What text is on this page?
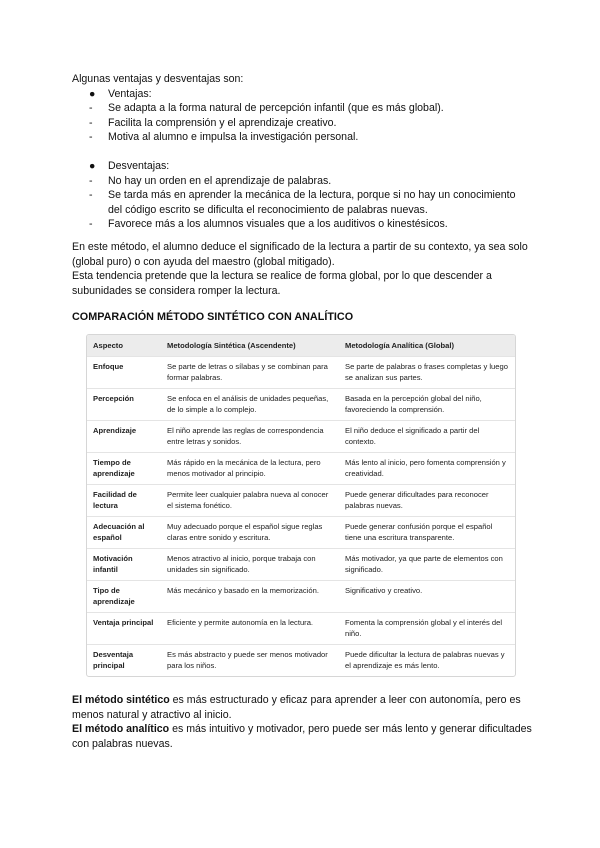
Algunas ventajas y desventajas son:

● Ventajas:
- Se adapta a la forma natural de percepción infantil (que es más global).
- Facilita la comprensión y el aprendizaje creativo.
- Motiva al alumno e impulsa la investigación personal.
● Desventajas:
- No hay un orden en el aprendizaje de palabras.
- Se tarda más en aprender la mecánica de la lectura, porque si no hay un conocimiento del código escrito se dificulta el reconocimiento de palabras nuevas.
- Favorece más a los alumnos visuales que a los auditivos o kinestésicos.

En este método, el alumno deduce el significado de la lectura a partir de su contexto, ya sea solo (global puro) o con ayuda del maestro (global mitigado).

Esta tendencia pretende que la lectura se realice de forma global, por lo que descender a subunidades se considera romper la lectura.

COMPARACIÓN MÉTODO SINTÉTICO CON ANALÍTICO

Aspecto	Metodología Sintética (Ascendente)	Metodología Analítica (Global)
Enfoque	Se parte de letras o sílabas y se combinan para formar palabras.	Se parte de palabras o frases completas y luego se analizan sus partes.
Percepción	Se enfoca en el análisis de unidades pequeñas, de lo simple a lo complejo.	Basada en la percepción global del niño, favoreciendo la comprensión.
Aprendizaje	El niño aprende las reglas de correspondencia entre letras y sonidos.	El niño deduce el significado a partir del contexto.
Tiempo de aprendizaje	Más rápido en la mecánica de la lectura, pero menos motivador al principio.	Más lento al inicio, pero fomenta comprensión y creatividad.
Facilidad de lectura	Permite leer cualquier palabra nueva al conocer el sistema fonético.	Puede generar dificultades para reconocer palabras nuevas.
Adecuación al español	Muy adecuado porque el español sigue reglas claras entre sonido y escritura.	Puede generar confusión porque el español tiene una escritura transparente.
Motivación infantil	Menos atractivo al inicio, porque trabaja con unidades sin significado.	Más motivador, ya que parte de elementos con significado.
Tipo de aprendizaje	Más mecánico y basado en la memorización.	Significativo y creativo.
Ventaja principal	Eficiente y permite autonomía en la lectura.	Fomenta la comprensión global y el interés del niño.
Desventaja principal	Es más abstracto y puede ser menos motivador para los niños.	Puede dificultar la lectura de palabras nuevas y el aprendizaje es más lento.

El método sintético es más estructurado y eficaz para aprender a leer con autonomía, pero es menos natural y atractivo al inicio.

El método analítico es más intuitivo y motivador, pero puede ser más lento y generar dificultades con palabras nuevas.
